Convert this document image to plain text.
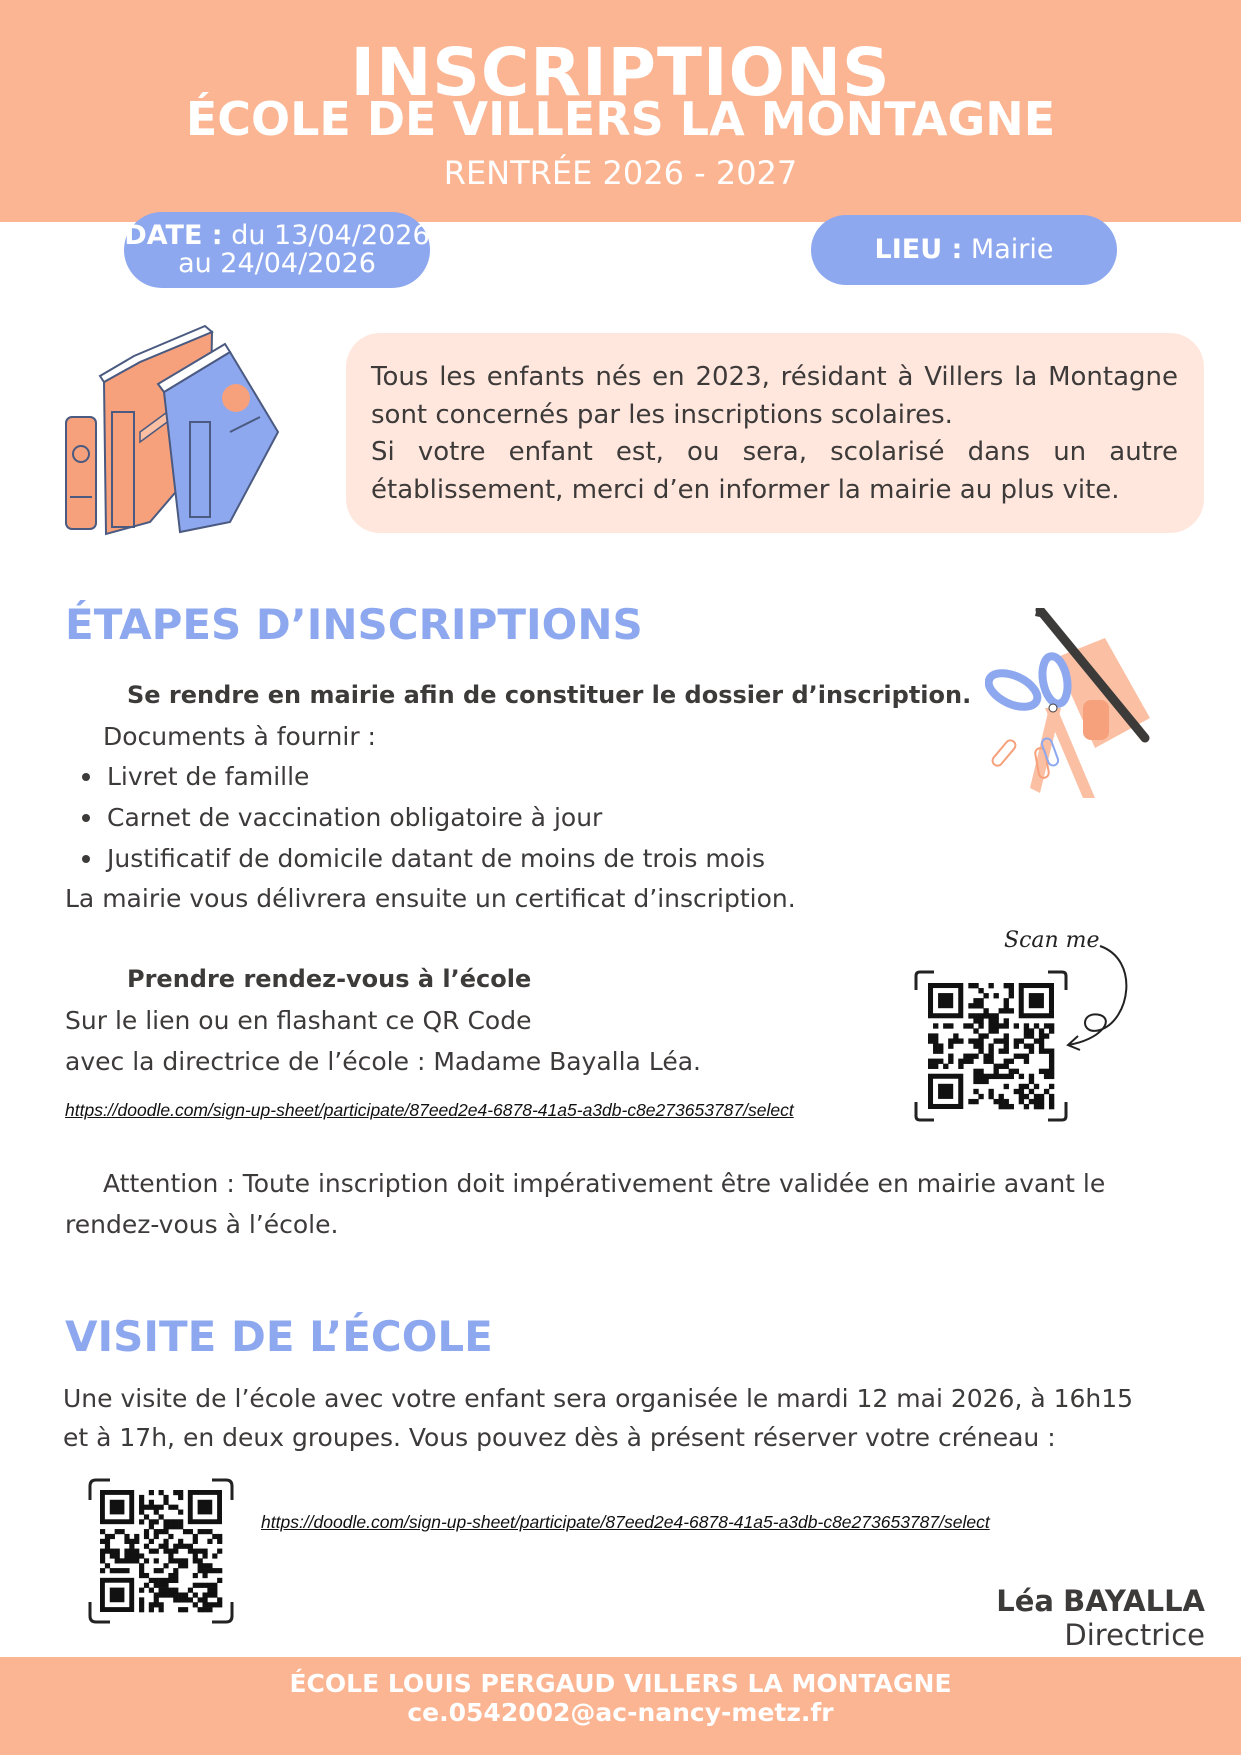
INSCRIPTIONS
ÉCOLE DE VILLERS LA MONTAGNE
RENTRÉE 2026 - 2027
DATE : du 13/04/2026
au 24/04/2026	LIEU : Mairie
Tous les enfants nés en 2023, résidant à Villers la Montagne
sont concernés par les inscriptions scolaires.
Si votre enfant est, ou sera, scolarisé dans un autre
établissement, merci d’en informer la mairie au plus vite.
ÉTAPES D’INSCRIPTIONS
Se rendre en mairie afin de constituer le dossier d’inscription.
Documents à fournir :
Livret de famille
Carnet de vaccination obligatoire à jour
Justificatif de domicile datant de moins de trois mois
La mairie vous délivrera ensuite un certificat d’inscription.
Prendre rendez-vous à l’école
Sur le lien ou en flashant ce QR Code
avec la directrice de l’école : Madame Bayalla Léa.
https://doodle.com/sign-up-sheet/participate/87eed2e4-6878-41a5-a3db-c8e273653787/select
Scan me
Attention : Toute inscription doit impérativement être validée en mairie avant le
rendez-vous à l’école.
VISITE DE L’ÉCOLE
Une visite de l’école avec votre enfant sera organisée le mardi 12 mai 2026, à 16h15
et à 17h, en deux groupes. Vous pouvez dès à présent réserver votre créneau :
https://doodle.com/sign-up-sheet/participate/87eed2e4-6878-41a5-a3db-c8e273653787/select
Léa BAYALLA
Directrice
ÉCOLE LOUIS PERGAUD VILLERS LA MONTAGNE
ce.0542002@ac-nancy-metz.fr
